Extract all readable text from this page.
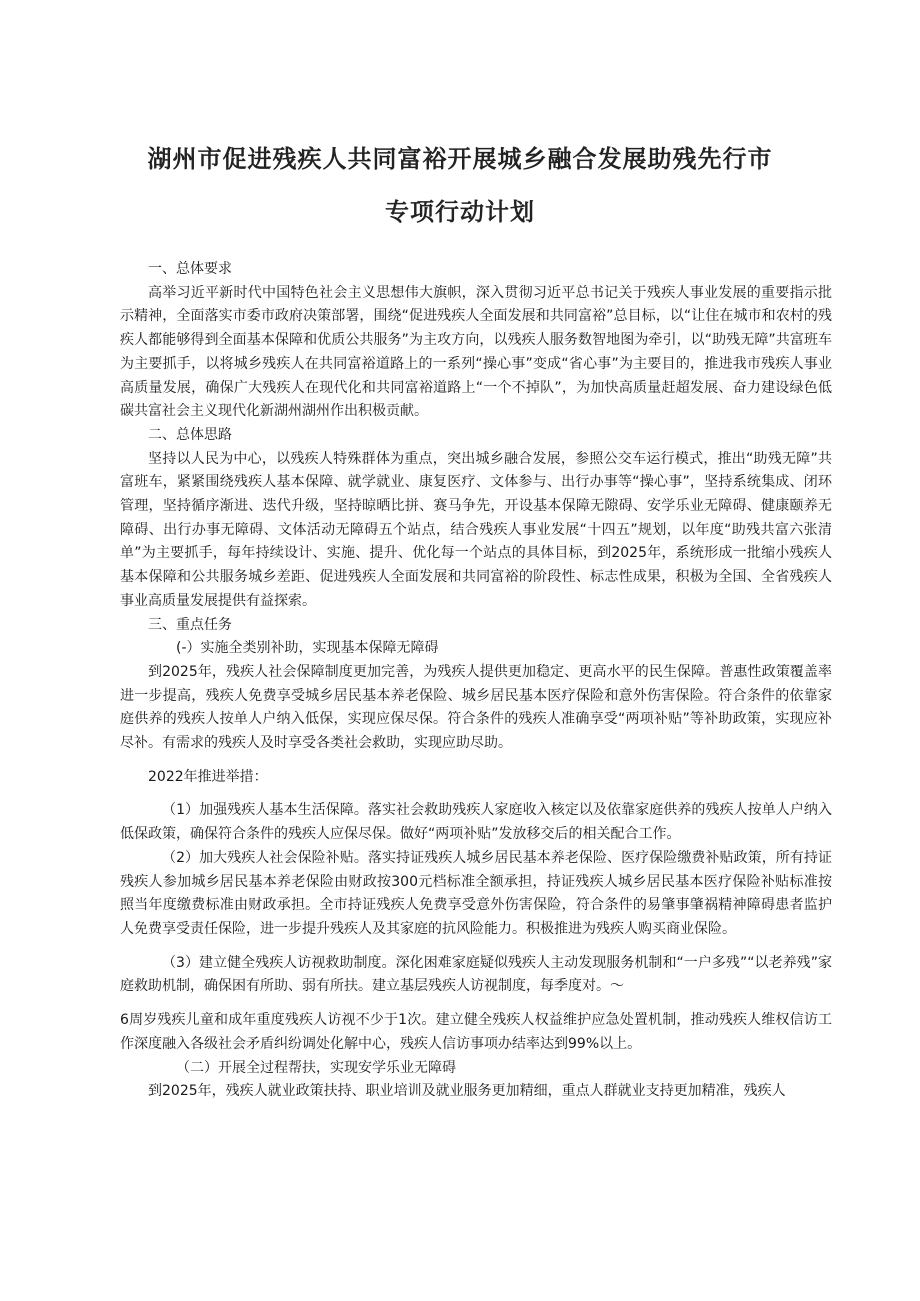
湖州市促进残疾人共同富裕开展城乡融合发展助残先行市
专项行动计划

一、总体要求

高举习近平新时代中国特色社会主义思想伟大旗帜，深入贯彻习近平总书记关于残疾人事业发展的重要指示批示精神，全面落实市委市政府决策部署，围绕“促进残疾人全面发展和共同富裕”总目标，以“让住在城市和农村的残疾人都能够得到全面基本保障和优质公共服务”为主攻方向，以残疾人服务数智地图为牵引，以“助残无障”共富班车为主要抓手，以将城乡残疾人在共同富裕道路上的一系列“操心事”变成“省心事”为主要目的，推进我市残疾人事业高质量发展，确保广大残疾人在现代化和共同富裕道路上“一个不掉队”，为加快高质量赶超发展、奋力建设绿色低碳共富社会主义现代化新湖州湖州作出积极贡献。

二、总体思路

坚持以人民为中心，以残疾人特殊群体为重点，突出城乡融合发展，参照公交车运行模式，推出“助残无障”共富班车，紧紧围绕残疾人基本保障、就学就业、康复医疗、文体参与、出行办事等“操心事”，坚持系统集成、闭环管理，坚持循序渐进、迭代升级，坚持晾晒比拼、赛马争先，开设基本保障无隙碍、安学乐业无障碍、健康颐养无障碍、出行办事无障碍、文体活动无障碍五个站点，结合残疾人事业发展“十四五”规划，以年度“助残共富六张清单”为主要抓手，每年持续设计、实施、提升、优化每一个站点的具体目标，到2025年，系统形成一批缩小残疾人基本保障和公共服务城乡差距、促进残疾人全面发展和共同富裕的阶段性、标志性成果，积极为全国、全省残疾人事业高质量发展提供有益探索。

三、重点任务

(-）实施全类别补助，实现基本保障无障碍

到2025年，残疾人社会保障制度更加完善，为残疾人提供更加稳定、更高水平的民生保障。普惠性政策覆盖率进一步提高，残疾人免费享受城乡居民基本养老保险、城乡居民基本医疗保险和意外伤害保险。符合条件的依靠家庭供养的残疾人按单人户纳入低保，实现应保尽保。符合条件的残疾人准确享受“两项补贴”等补助政策，实现应补尽补。有需求的残疾人及时享受各类社会救助，实现应助尽助。

2022年推进举措：

（1）加强残疾人基本生活保障。落实社会救助残疾人家庭收入核定以及依靠家庭供养的残疾人按单人户纳入低保政策，确保符合条件的残疾人应保尽保。做好“两项补贴”发放移交后的相关配合工作。

（2）加大残疾人社会保险补贴。落实持证残疾人城乡居民基本养老保险、医疗保险缴费补贴政策，所有持证残疾人参加城乡居民基本养老保险由财政按300元档标准全额承担，持证残疾人城乡居民基本医疗保险补贴标准按照当年度缴费标准由财政承担。全市持证残疾人免费享受意外伤害保险，符合条件的易肇事肇祸精神障碍患者监护人免费享受责任保险，进一步提升残疾人及其家庭的抗风险能力。积极推进为残疾人购买商业保险。

（3）建立健全残疾人访视救助制度。深化困难家庭疑似残疾人主动发现服务机制和“一户多残”“以老养残”家庭救助机制，确保困有所助、弱有所扶。建立基层残疾人访视制度，每季度对。～

6周岁残疾儿童和成年重度残疾人访视不少于1次。建立健全残疾人权益维护应急处置机制，推动残疾人维权信访工作深度融入各级社会矛盾纠纷调处化解中心，残疾人信访事项办结率达到99%以上。

（二）开展全过程帮扶，实现安学乐业无障碍

到2025年，残疾人就业政策扶持、职业培训及就业服务更加精细，重点人群就业支持更加精准，残疾人
